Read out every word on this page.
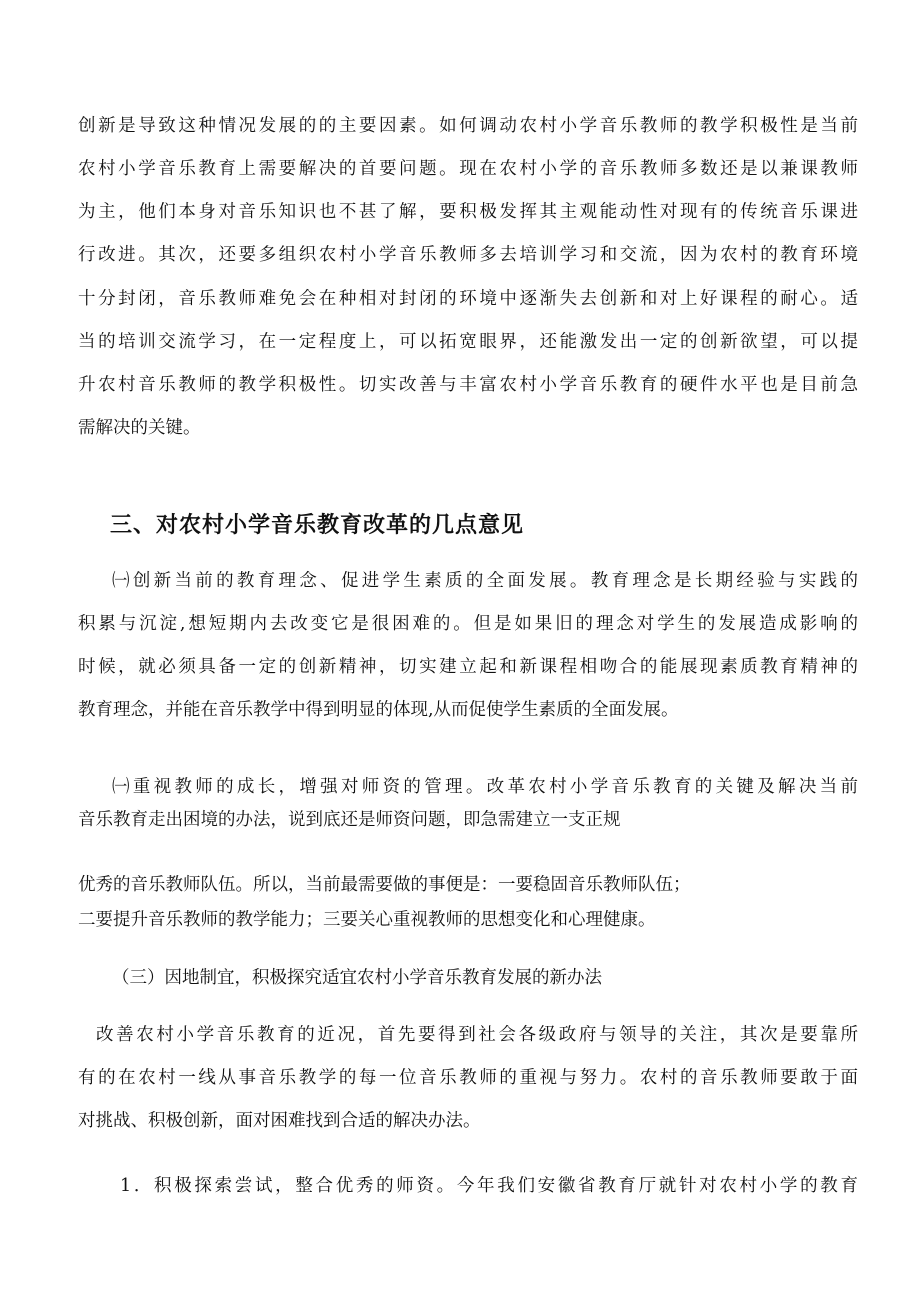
创新是导致这种情况发展的的主要因素。如何调动农村小学音乐教师的教学积极性是当前
农村小学音乐教育上需要解决的首要问题。现在农村小学的音乐教师多数还是以兼课教师
为主，他们本身对音乐知识也不甚了解，要积极发挥其主观能动性对现有的传统音乐课进
行改进。其次，还要多组织农村小学音乐教师多去培训学习和交流，因为农村的教育环境
十分封闭，音乐教师难免会在种相对封闭的环境中逐渐失去创新和对上好课程的耐心。适
当的培训交流学习，在一定程度上，可以拓宽眼界，还能激发出一定的创新欲望，可以提
升农村音乐教师的教学积极性。切实改善与丰富农村小学音乐教育的硬件水平也是目前急
需解决的关键。
三、对农村小学音乐教育改革的几点意见
㈠创新当前的教育理念、促进学生素质的全面发展。教育理念是长期经验与实践的
积累与沉淀,想短期内去改变它是很困难的。但是如果旧的理念对学生的发展造成影响的
时候，就必须具备一定的创新精神，切实建立起和新课程相吻合的能展现素质教育精神的
教育理念，并能在音乐教学中得到明显的体现,从而促使学生素质的全面发展。
㈠重视教师的成长，增强对师资的管理。改革农村小学音乐教育的关键及解决当前
音乐教育走出困境的办法，说到底还是师资问题，即急需建立一支正规
优秀的音乐教师队伍。所以，当前最需要做的事便是：一要稳固音乐教师队伍；
二要提升音乐教师的教学能力；三要关心重视教师的思想变化和心理健康。
（三）因地制宜，积极探究适宜农村小学音乐教育发展的新办法
改善农村小学音乐教育的近况，首先要得到社会各级政府与领导的关注，其次是要靠所
有的在农村一线从事音乐教学的每一位音乐教师的重视与努力。农村的音乐教师要敢于面
对挑战、积极创新，面对困难找到合适的解决办法。
1．积极探索尝试，整合优秀的师资。今年我们安徽省教育厅就针对农村小学的教育
